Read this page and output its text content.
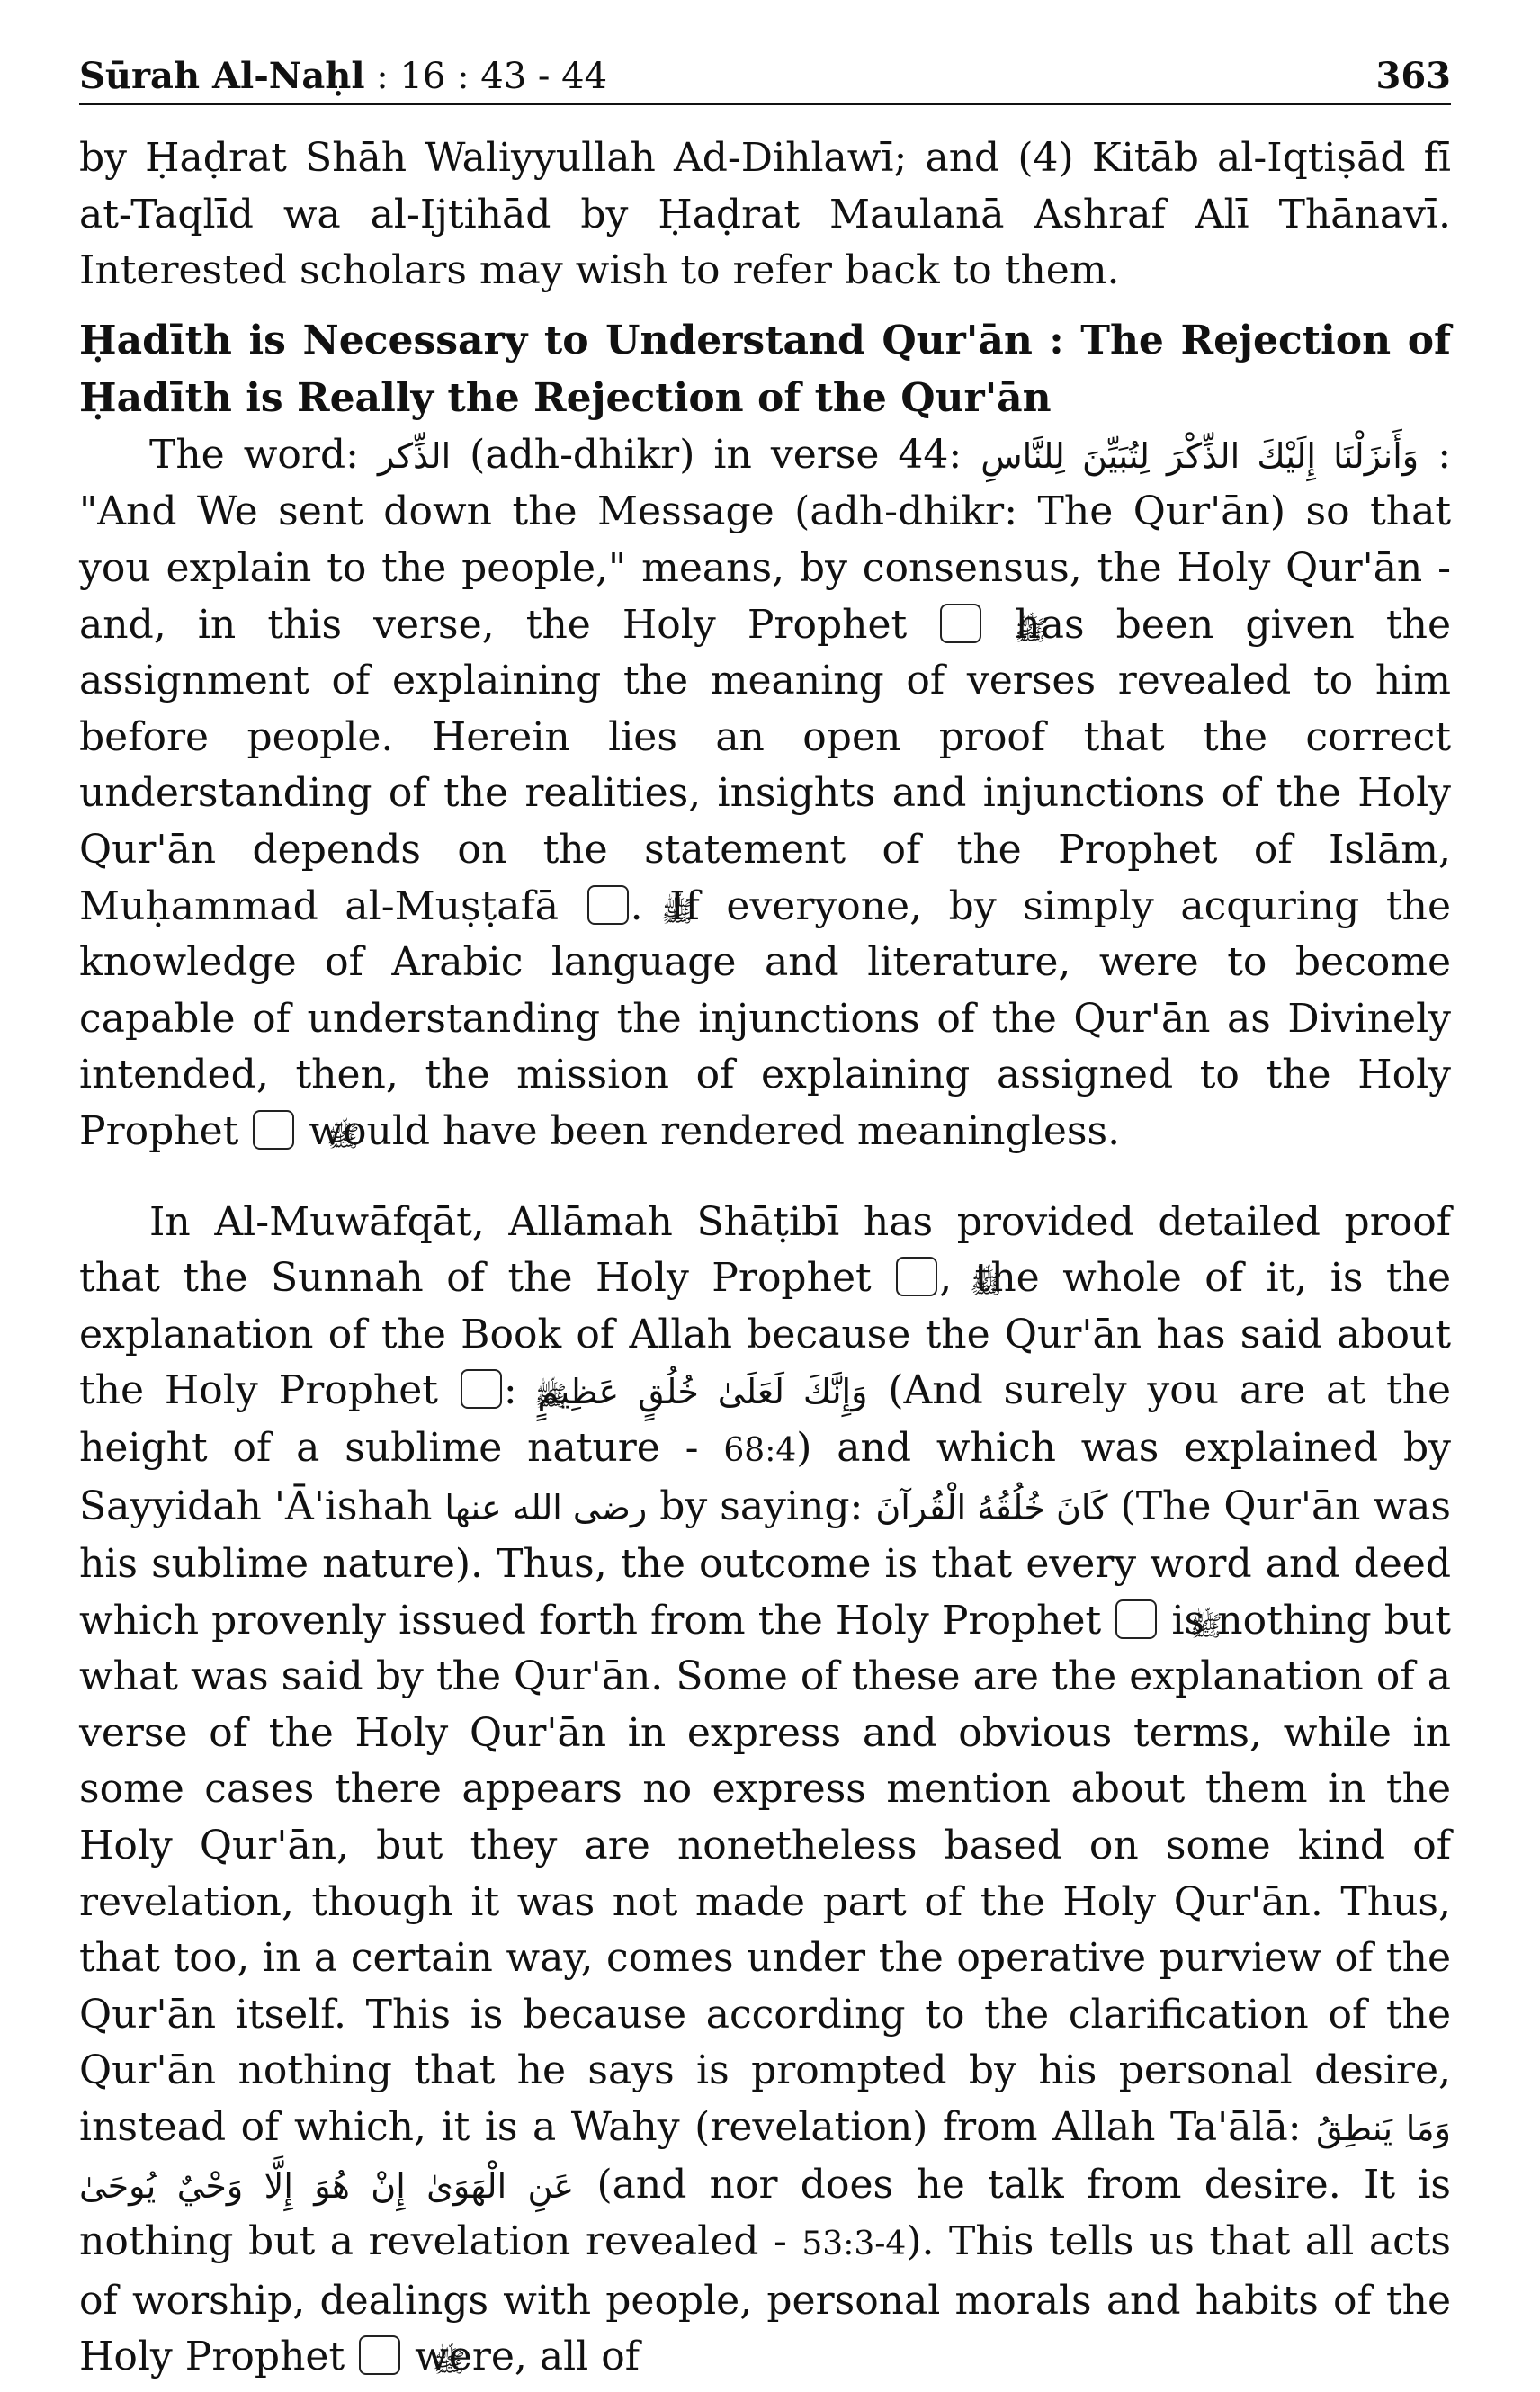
Sūrah Al-Naḥl : 16 : 43 - 44	363

by Ḥaḍrat Shāh Waliyyullah Ad-Dihlawī; and (4) Kitāb al-Iqtiṣād fī at-Taqlīd wa al-Ijtihād by Ḥaḍrat Maulanā Ashraf Alī Thānavī. Interested scholars may wish to refer back to them.

Ḥadīth is Necessary to Understand Qur'ān : The Rejection of Ḥadīth is Really the Rejection of the Qur'ān

The word: الذِّكر (adh-dhikr) in verse 44: وَأَنزَلْنَا إِلَيْكَ الذِّكْرَ لِتُبَيِّنَ لِلنَّاسِ : "And We sent down the Message (adh-dhikr: The Qur'ān) so that you explain to the people," means, by consensus, the Holy Qur'ān - and, in this verse, the Holy Prophet ﷺ has been given the assignment of explaining the meaning of verses revealed to him before people. Herein lies an open proof that the correct understanding of the realities, insights and injunctions of the Holy Qur'ān depends on the statement of the Prophet of Islām, Muḥammad al-Muṣṭafā ﷺ. If everyone, by simply acquring the knowledge of Arabic language and literature, were to become capable of understanding the injunctions of the Qur'ān as Divinely intended, then, the mission of explaining assigned to the Holy Prophet ﷺ would have been rendered meaningless.

In Al-Muwāfqāt, Allāmah Shāṭibī has provided detailed proof that the Sunnah of the Holy Prophet ﷺ, the whole of it, is the explanation of the Book of Allah because the Qur'ān has said about the Holy Prophet ﷺ: وَإِنَّكَ لَعَلَىٰ خُلُقٍ عَظِيمٍ (And surely you are at the height of a sublime nature - 68:4) and which was explained by Sayyidah 'Ā'ishah رضى الله عنها by saying: كَانَ خُلُقُهُ الْقُرآنَ (The Qur'ān was his sublime nature). Thus, the outcome is that every word and deed which provenly issued forth from the Holy Prophet ﷺ is nothing but what was said by the Qur'ān. Some of these are the explanation of a verse of the Holy Qur'ān in express and obvious terms, while in some cases there appears no express mention about them in the Holy Qur'ān, but they are nonetheless based on some kind of revelation, though it was not made part of the Holy Qur'ān. Thus, that too, in a certain way, comes under the operative purview of the Qur'ān itself. This is because according to the clarification of the Qur'ān nothing that he says is prompted by his personal desire, instead of which, it is a Wahy (revelation) from Allah Ta'ālā: وَمَا يَنطِقُ عَنِ الْهَوَىٰ إِنْ هُوَ إِلَّا وَحْيٌ يُوحَىٰ (and nor does he talk from desire. It is nothing but a revelation revealed - 53:3-4). This tells us that all acts of worship, dealings with people, personal morals and habits of the Holy Prophet ﷺ were, all of
